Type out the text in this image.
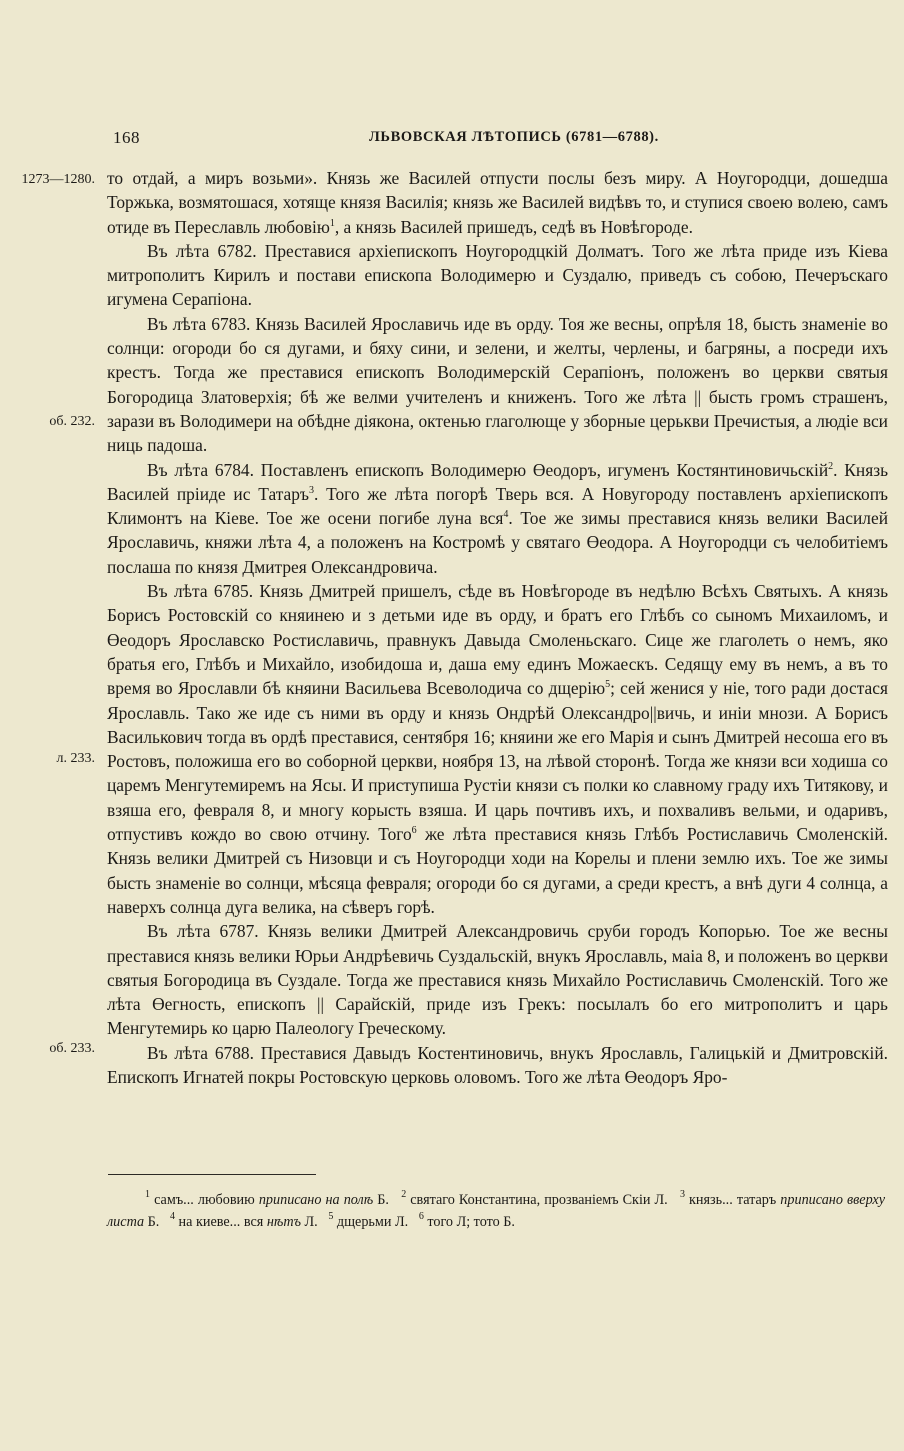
168	ЛЬВОВСКАЯ ЛѢТОПИСЬ (6781—6788).
1273—1280.
об. 232.
л. 233.
об. 233.

то отдай, а миръ возьми». Князь же Василей отпусти послы безъ миру. А Ноугородци, дошедша Торжька, возмятошася, хотяще князя Василія; князь же Василей видѣвъ то, и ступися своею волею, самъ отиде въ Переславль любовію$^1$, а князь Василей пришедъ, седѣ въ Новѣгороде.

Въ лѣта 6782. Преставися архіепископъ Ноугородцкій Долматъ. Того же лѣта приде изъ Кіева митрополитъ Кирилъ и постави епископа Володимерю и Суздалю, приведъ съ собою, Печеръскаго игумена Серапіона.

Въ лѣта 6783. Князь Василей Ярославичь иде въ орду. Тоя же весны, опрѣля 18, бысть знаменіе во солнци: огороди бо ся дугами, и бяху сини, и зелени, и желты, черлены, и багряны, а посреди ихъ крестъ. Тогда же преставися епископъ Володимерскій Серапіонъ, положенъ во церкви святыя Богородица Златоверхія; бѣ же велми учителенъ и книженъ. Того же лѣта || бысть громъ страшенъ, зарази въ Володимери на обѣдне діякона, октенью глаголюще у зборные церькви Пречистыя, а людіе вси ниць падоша.

Въ лѣта 6784. Поставленъ епископъ Володимерю Өеодоръ, игуменъ Костянтиновичьскій$^2$. Князь Василей пріиде ис Татаръ$^3$. Того же лѣта погорѣ Тверь вся. А Новугороду поставленъ архіепископъ Климонтъ на Кіеве. Тое же осени погибе луна вся$^4$. Тое же зимы преставися князь велики Василей Ярославичь, княжи лѣта 4, а положенъ на Костромѣ у святаго Өеодора. А Ноугородци съ челобитіемъ послаша по князя Дмитрея Олександровича.

Въ лѣта 6785. Князь Дмитрей пришелъ, сѣде въ Новѣгороде въ недѣлю Всѣхъ Святыхъ. А князь Борисъ Ростовскій со княинею и з детьми иде въ орду, и братъ его Глѣбъ со сыномъ Михаиломъ, и Өеодоръ Ярославско Ростиславичь, правнукъ Давыда Смоленьскаго. Сице же глаголеть о немъ, яко братья его, Глѣбъ и Михайло, изобидоша и, даша ему единъ Можаескъ. Седящу ему въ немъ, а въ то время во Ярославли бѣ княини Васильева Всеволодича со дщерію$^5$; сей женися у ніе, того ради достася Ярославль. Тако же иде съ ними въ орду и князь Ондрѣй Олександро||вичь, и иніи мнози. А Борисъ Василькович тогда въ ордѣ преставися, сентября 16; княини же его Марія и сынъ Дмитрей несоша его въ Ростовъ, положиша его во соборной церкви, ноября 13, на лѣвой сторонѣ. Тогда же князи вси ходиша со царемъ Менгутемиремъ на Ясы. И приступиша Рустіи князи съ полки ко славному граду ихъ Титякову, и взяша его, февраля 8, и многу корысть взяша. И царь почтивъ ихъ, и похваливъ вельми, и одаривъ, отпустивъ кождо во свою отчину. Того$^6$ же лѣта преставися князь Глѣбъ Ростиславичь Смоленскій. Князь велики Дмитрей съ Низовци и съ Ноугородци ходи на Корелы и плени землю ихъ. Тое же зимы бысть знаменіе во солнци, мѣсяца февраля; огороди бо ся дугами, а среди крестъ, а внѣ дуги 4 солнца, а наверхъ солнца дуга велика, на сѣверъ горѣ.

Въ лѣта 6787. Князь велики Дмитрей Александровичь сруби городъ Копорью. Тое же весны преставися князь велики Юрьи Андрѣевичь Суздальскій, внукъ Ярославль, маіа 8, и положенъ во церкви святыя Богородица въ Суздале. Тогда же преставися князь Михайло Ростиславичь Смоленскій. Того же лѣта Өегность, епископъ || Сарайскій, приде изъ Грекъ: посылалъ бо его митрополитъ и царь Менгутемирь ко царю Палеологу Греческому.

Въ лѣта 6788. Преставися Давыдъ Костентиновичь, внукъ Ярославль, Галицькій и Дмитровскій. Епископъ Игнатей покры Ростовскую церковь оловомъ. Того же лѣта Өеодоръ Яро-

$^1$ самъ... любовию приписано на полѣ Б. $^2$ святаго Константина, прозваніемъ Скіи Л. $^3$ князь... татаръ приписано вверху листа Б. $^4$ на киеве... вся нѣтъ Л. $^5$ дщерьми Л. $^6$ того Л; тото Б.
